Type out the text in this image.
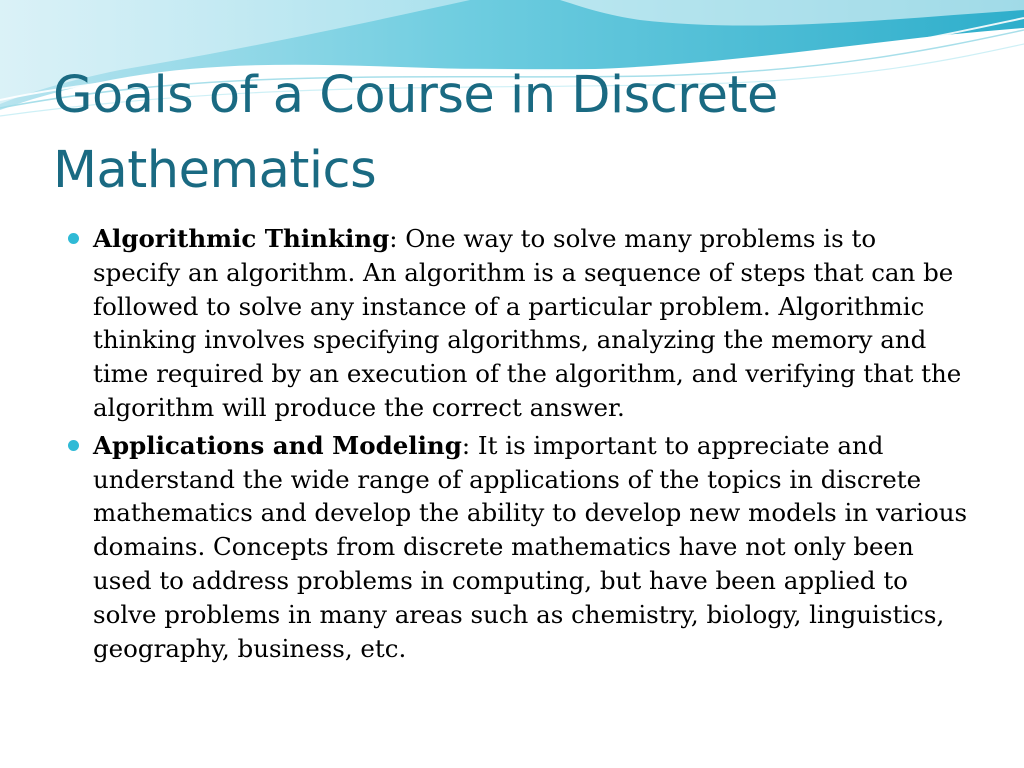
Goals of a Course in Discrete
Mathematics
Algorithmic Thinking: One way to solve many problems is to specify an algorithm. An algorithm is a sequence of steps that can be followed to solve any instance of a particular problem. Algorithmic thinking involves specifying algorithms, analyzing the memory and time required by an execution of the algorithm, and verifying that the algorithm will produce the correct answer.
Applications and Modeling: It is important to appreciate and understand the wide range of applications of the topics in discrete mathematics and develop the ability to develop new models in various domains. Concepts from discrete mathematics have not only been used to address problems in computing, but have been applied to solve problems in many areas such as chemistry, biology, linguistics, geography, business, etc.
